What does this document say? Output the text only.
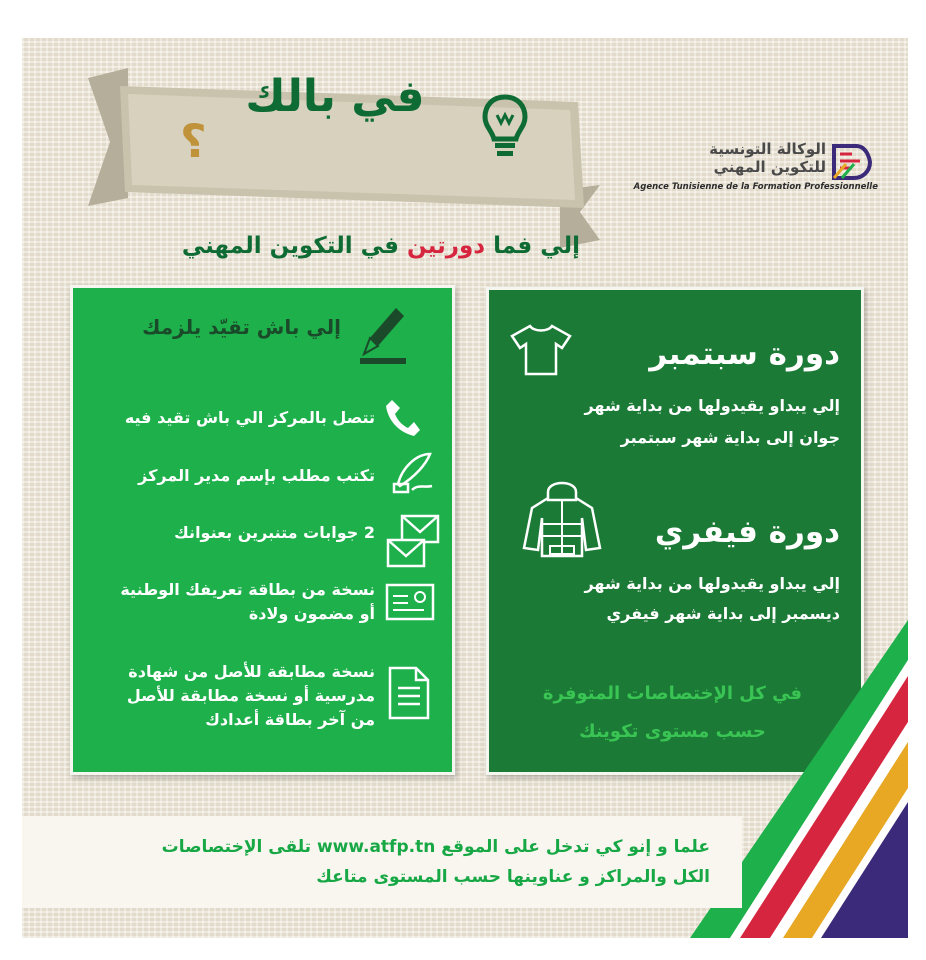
في بالك
؟	الوكالة التونسية
للتكوين المهني
Agence Tunisienne de la Formation Professionnelle
إلي فما دورتين في التكوين المهني
إلي باش تقيّد يلزمك
تتصل بالمركز الي باش تقيد فيه
تكتب مطلب بإسم مدير المركز
2 جوابات متنبرين بعنوانك
نسخة من بطاقة تعريفك الوطنية أو مضمون ولادة
نسخة مطابقة للأصل من شهادة مدرسية أو نسخة مطابقة للأصل من آخر بطاقة أعدادك
دورة سبتمبر
إلي يبداو يقيدولها من بداية شهر
جوان إلى بداية شهر سبتمبر
دورة فيفري
إلي يبداو يقيدولها من بداية شهر
ديسمبر إلى بداية شهر فيفري
في كل الإختصاصات المتوفرة
حسب مستوى تكوينك
علما و إنو كي تدخل على الموقع www.atfp.tn تلقى الإختصاصات
الكل والمراكز و عناوينها حسب المستوى متاعك
